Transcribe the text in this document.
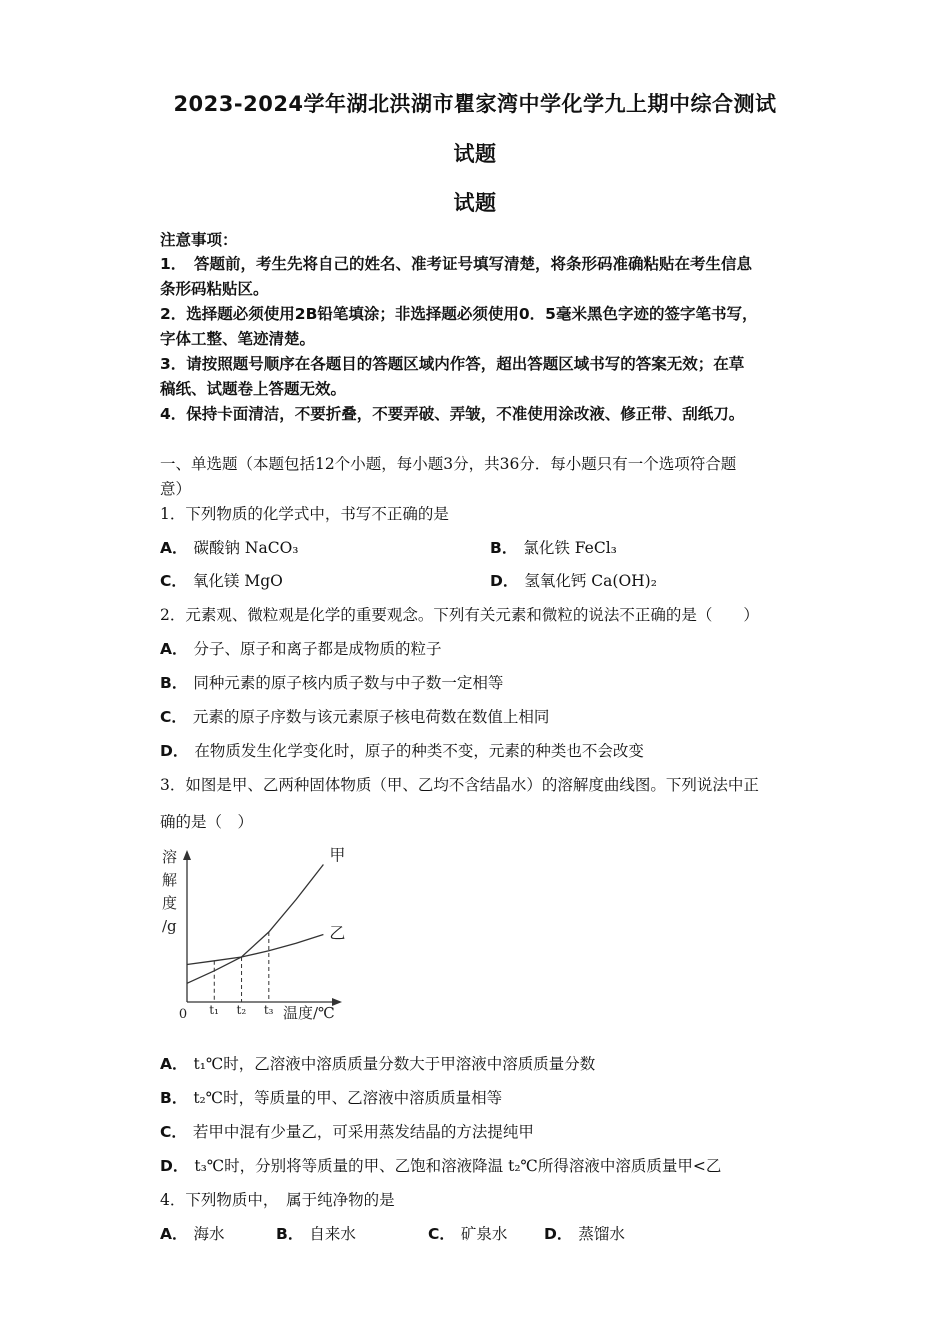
2023-2024学年湖北洪湖市瞿家湾中学化学九上期中综合测试
试题
试题
注意事项：
1．　答题前，考生先将自己的姓名、准考证号填写清楚，将条形码准确粘贴在考生信息
条形码粘贴区。
2．选择题必须使用2B铅笔填涂；非选择题必须使用0．5毫米黑色字迹的签字笔书写，
字体工整、笔迹清楚。
3．请按照题号顺序在各题目的答题区域内作答，超出答题区域书写的答案无效；在草
稿纸、试题卷上答题无效。
4．保持卡面清洁，不要折叠，不要弄破、弄皱，不准使用涂改液、修正带、刮纸刀。
一、单选题（本题包括12个小题，每小题3分，共36分．每小题只有一个选项符合题
意）
1．下列物质的化学式中，书写不正确的是
A． 碳酸钠 NaCO₃	B． 氯化铁 FeCl₃
C． 氧化镁 MgO	D． 氢氧化钙 Ca(OH)₂
2．元素观、微粒观是化学的重要观念。下列有关元素和微粒的说法不正确的是（　　）
A． 分子、原子和离子都是成物质的粒子
B． 同种元素的原子核内质子数与中子数一定相等
C． 元素的原子序数与该元素原子核电荷数在数值上相同
D． 在物质发生化学变化时，原子的种类不变，元素的种类也不会改变
3．如图是甲、乙两种固体物质（甲、乙均不含结晶水）的溶解度曲线图。下列说法中正
确的是（　）
甲
乙
t₁ t₂ t₃
0	温度/℃
溶
解
度
/g
A． t₁℃时，乙溶液中溶质质量分数大于甲溶液中溶质质量分数
B． t₂℃时，等质量的甲、乙溶液中溶质质量相等
C． 若甲中混有少量乙，可采用蒸发结晶的方法提纯甲
D． t₃℃时，分别将等质量的甲、乙饱和溶液降温 t₂℃所得溶液中溶质质量甲<乙
4．下列物质中，　属于纯净物的是
A． 海水	B． 自来水	C． 矿泉水 D． 蒸馏水
